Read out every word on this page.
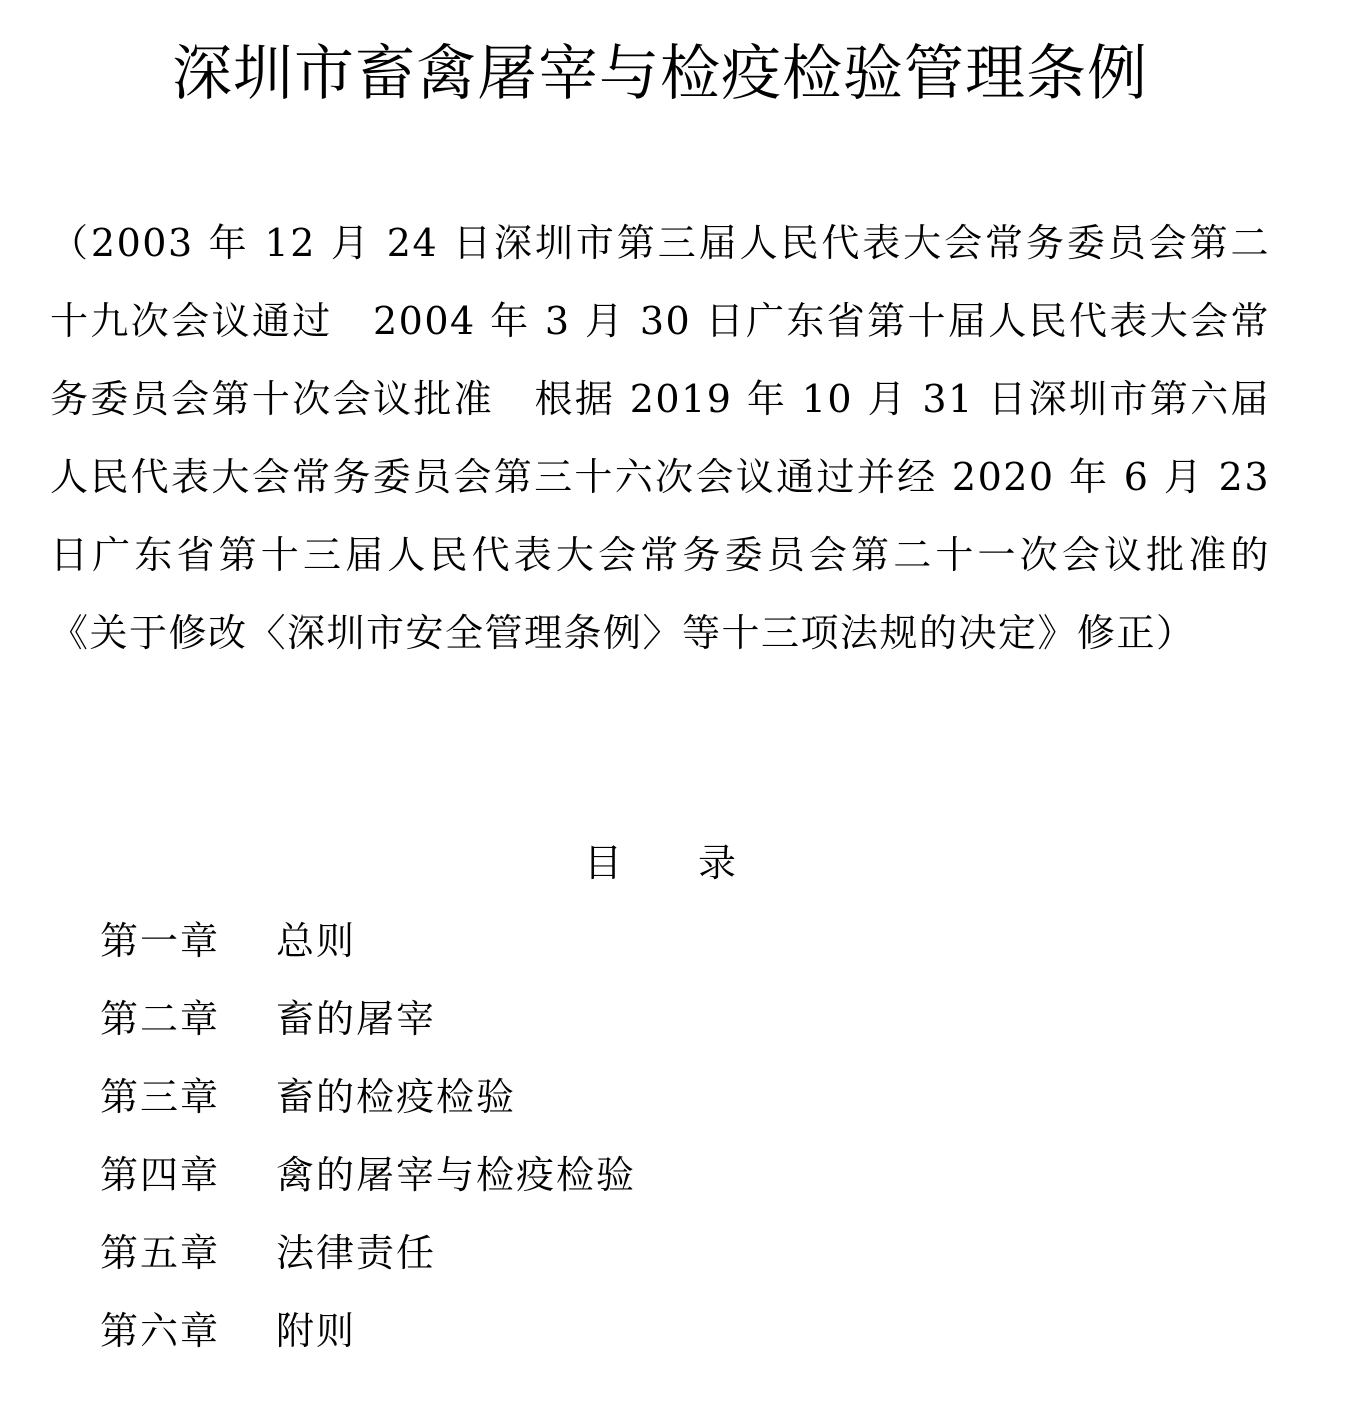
深圳市畜禽屠宰与检疫检验管理条例

（2003 年 12 月 24 日深圳市第三届人民代表大会常务委员会第二十九次会议通过　2004 年 3 月 30 日广东省第十届人民代表大会常务委员会第十次会议批准　根据 2019 年 10 月 31 日深圳市第六届人民代表大会常务委员会第三十六次会议通过并经 2020 年 6 月 23 日广东省第十三届人民代表大会常务委员会第二十一次会议批准的《关于修改〈深圳市安全管理条例〉等十三项法规的决定》修正）

目　　录
第一章	总则
第二章	畜的屠宰
第三章	畜的检疫检验
第四章	禽的屠宰与检疫检验
第五章	法律责任
第六章	附则
